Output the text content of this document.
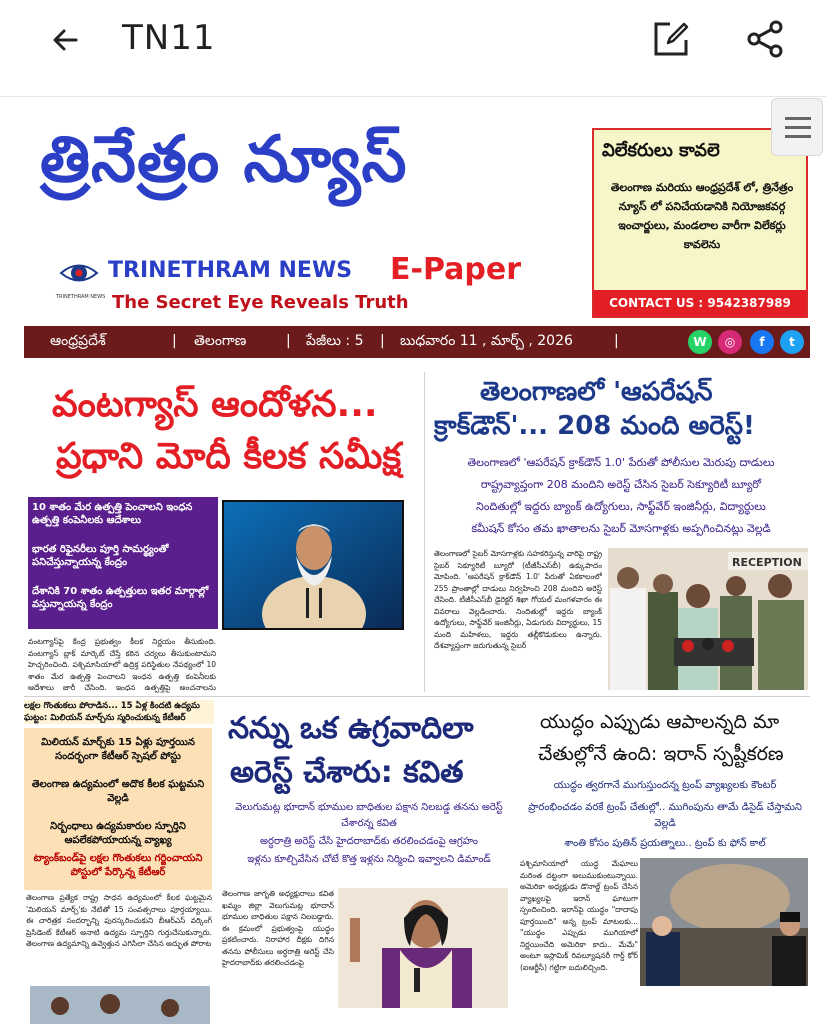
TN11
త్రినేత్రం న్యూస్
TRINETHRAM NEWS
TRINETHRAM NEWS E-Paper
The Secret Eye Reveals Truth
విలేకరులు కావలె
తెలంగాణ మరియు ఆంధ్రప్రదేశ్ లో, త్రినేత్రం న్యూస్ లో పనిచేయడానికి నియోజకవర్గ ఇంచార్జులు, మండలాల వారీగా విలేకర్లు కావలెను
CONTACT US : 9542387989
ఆంధ్రప్రదేశ్	| తెలంగాణ	| పేజీలు : 5 | బుధవారం 11 , మార్చ్ , 2026	|	W	◎	f	t
వంటగ్యాస్ ఆందోళన...
ప్రధాని మోదీ కీలక సమీక్ష
10 శాతం మేర ఉత్పత్తి పెంచాలని ఇంధన ఉత్పత్తి కంపెనీలకు ఆదేశాలు
భారత రిఫైనరీలు పూర్తి సామర్థ్యంతో పనిచేస్తున్నాయన్న కేంద్రం
దేశానికి 70 శాతం ఉత్పత్తులు ఇతర మార్గాల్లో వస్తున్నాయన్న కేంద్రం
వంటగ్యాస్‌పై కేంద్ర ప్రభుత్వం కీలక నిర్ణయం తీసుకుంది. వంటగ్యాస్ బ్లాక్ మార్కెట్ చేస్తే కఠిన చర్యలు తీసుకుంటామని హెచ్చరించింది. పశ్చిమాసియాలో ఉద్రిక్త పరిస్థితుల నేపథ్యంలో 10 శాతం మేర ఉత్పత్తి పెంచాలని ఇంధన ఉత్పత్తి కంపెనీలకు ఆదేశాలు జారీ చేసింది. ఇంధన ఉత్పత్తిపై అంచనాలను
తెలంగాణలో 'ఆపరేషన్
క్రాక్‌డౌన్'... 208 మంది అరెస్ట్!
తెలంగాణలో 'ఆపరేషన్ క్రాక్‌డౌన్ 1.0' పేరుతో పోలీసుల మెరుపు దాడులు
రాష్ట్రవ్యాప్తంగా 208 మందిని అరెస్ట్ చేసిన సైబర్ సెక్యూరిటీ బ్యూరో
నిందితుల్లో ఇద్దరు బ్యాంక్ ఉద్యోగులు, సాఫ్ట్‌వేర్ ఇంజినీర్లు, విద్యార్థులు
కమీషన్ కోసం తమ ఖాతాలను సైబర్ మోసగాళ్లకు అప్పగించినట్లు వెల్లడి
తెలంగాణలో సైబర్ మోసగాళ్లకు సహకరిస్తున్న వారిపై రాష్ట్ర సైబర్ సెక్యూరిటీ బ్యూరో (టీజీసీఎస్‌బీ) ఉక్కుపాదం మోపింది. 'ఆపరేషన్ క్రాక్‌డౌన్ 1.0' పేరుతో ఏకకాలంలో 255 ప్రాంతాల్లో దాడులు నిర్వహించి 208 మందిని అరెస్ట్ చేసింది. టీజీసీఎస్‌బీ డైరెక్టర్ శిఖా గోయల్ మంగళవారం ఈ వివరాలు వెల్లడించారు. నిందితుల్లో ఇద్దరు బ్యాంక్ ఉద్యోగులు, సాఫ్ట్‌వేర్ ఇంజినీర్లు, ఏడుగురు విద్యార్థులు, 15 మంది మహిళలు, ఇద్దరు తల్లీకొడుకులు ఉన్నారు. దేశవ్యాప్తంగా జరుగుతున్న సైబర్
RECEPTION
లక్షల గొంతుకలు పోరాడిన... 15 ఏళ్ల కిందటి ఉద్యమ
ఘట్టం: మిలియన్ మార్చ్‌ను స్మరించుకున్న కేటీఆర్
మిలియన్ మార్చ్‌కు 15 ఏళ్లు పూర్తయిన సందర్భంగా కేటీఆర్ స్పెషల్ పోస్టు
తెలంగాణ ఉద్యమంలో అదొక కీలక ఘట్టమని వెల్లడి
నిర్బంధాలు ఉద్యమకారుల స్ఫూర్తిని ఆపలేకపోయాయన్న వ్యాఖ్య
ట్యాంక్‌బండ్‌పై లక్షల గొంతుకలు గర్జించాయని పోస్టులో పేర్కొన్న కేటీఆర్
తెలంగాణ ప్రత్యేక రాష్ట్ర సాధన ఉద్యమంలో కీలక ఘట్టమైన 'మిలియన్ మార్చ్'కు నేటితో 15 సంవత్సరాలు పూర్తయ్యాయి. ఈ చారిత్రక సందర్భాన్ని పురస్కరించుకుని బీఆర్ఎస్ వర్కింగ్ ప్రెసిడెంట్ కేటీఆర్ అనాటి ఉద్యమ స్ఫూర్తిని గుర్తుచేసుకున్నారు. తెలంగాణ ఉద్యమాన్ని ఉవ్వెత్తున ఎగిసేలా చేసిన అద్భుత పోరాట
నన్ను ఒక ఉగ్రవాదిలా
అరెస్ట్ చేశారు: కవిత
వెలుగుమట్ల భూదాన్ భూముల బాధితుల పక్షాన నిలబడ్డ తనను అరెస్ట్ చేశారన్న కవిత
అర్ధరాత్రి అరెస్ట్ చేసి హైదరాబాద్‌కు తరలించడంపై ఆగ్రహం
ఇళ్లను కూల్చివేసిన చోటే కొత్త ఇళ్లను నిర్మించి ఇవ్వాలని డిమాండ్
తెలంగాణ జాగృతి అధ్యక్షురాలు కవిత ఖమ్మం జిల్లా వెలుగుమట్ల భూదాన్ భూముల బాధితుల పక్షాన నిలబడ్డారు. ఈ క్రమంలో ప్రభుత్వంపై యుద్ధం ప్రకటించారు. నిరాహార దీక్షకు దిగిన తనను పోలీసులు అర్ధరాత్రి అరెస్ట్ చేసి హైదరాబాద్‌కు తరలించడంపై
యుద్ధం ఎప్పుడు ఆపాలన్నది మా
చేతుల్లోనే ఉంది: ఇరాన్ స్పష్టీకరణ
యుద్ధం త్వరగానే ముగుస్తుందన్న ట్రంప్ వ్యాఖ్యలకు కౌంటర్
ప్రారంభించడం వరకే ట్రంప్ చేతుల్లో.. ముగింపును తామే డిసైడ్ చేస్తామని వెల్లడి
శాంతి కోసం పుతిన్ ప్రయత్నాలు.. ట్రంప్ కు ఫోన్ కాల్
పశ్చిమాసియాలో యుద్ధ మేఘాలు మరింత దట్టంగా అలుముకుంటున్నాయి. అమెరికా అధ్యక్షుడు డొనాల్డ్ ట్రంప్ చేసిన వ్యాఖ్యలపై ఇరాన్ ఘాటుగా స్పందించింది. ఇరాన్‌పై యుద్ధం "దాదాపు పూర్తయింది" అన్న ట్రంప్ మాటలకు... "యుద్ధం ఎప్పుడు ముగియాలో నిర్ణయించేది అమెరికా కాదు.. మేమే" అంటూ ఇస్లామిక్ రివల్యూషనరీ గార్డ్ కోర్ (ఐఆర్జీసీ) గట్టిగా బదులిచ్చింది.
